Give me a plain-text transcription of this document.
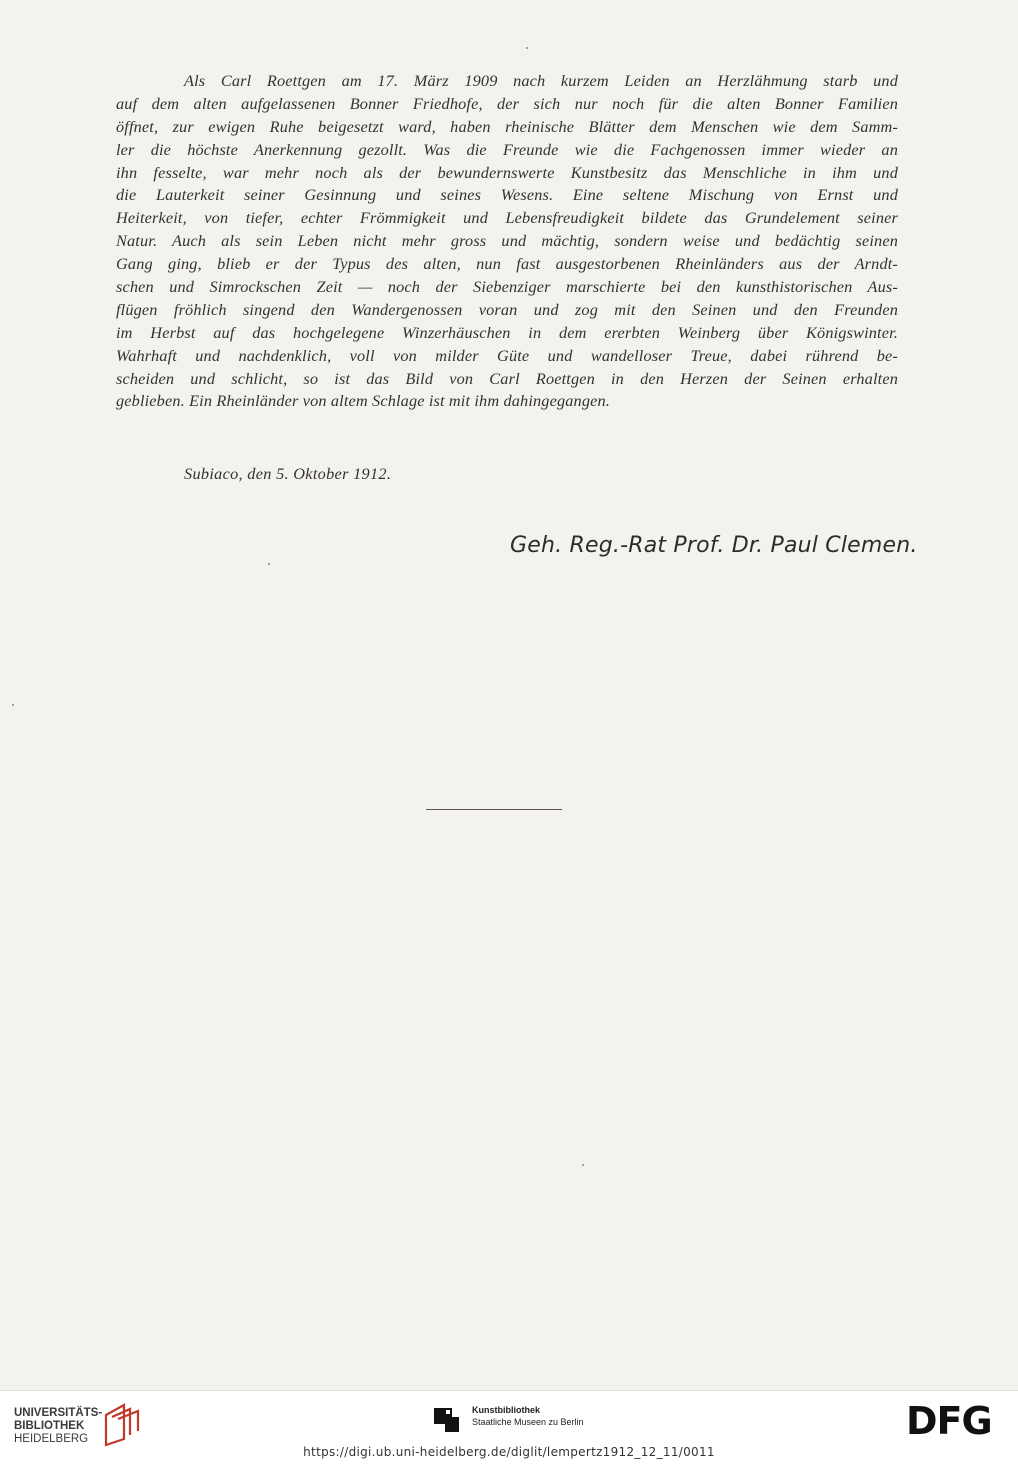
Als Carl Roettgen am 17. März 1909 nach kurzem Leiden an Herzlähmung starb und
auf dem alten aufgelassenen Bonner Friedhofe, der sich nur noch für die alten Bonner Familien
öffnet, zur ewigen Ruhe beigesetzt ward, haben rheinische Blätter dem Menschen wie dem Samm-
ler die höchste Anerkennung gezollt. Was die Freunde wie die Fachgenossen immer wieder an
ihn fesselte, war mehr noch als der bewundernswerte Kunstbesitz das Menschliche in ihm und
die Lauterkeit seiner Gesinnung und seines Wesens. Eine seltene Mischung von Ernst und
Heiterkeit, von tiefer, echter Frömmigkeit und Lebensfreudigkeit bildete das Grundelement seiner
Natur. Auch als sein Leben nicht mehr gross und mächtig, sondern weise und bedächtig seinen
Gang ging, blieb er der Typus des alten, nun fast ausgestorbenen Rheinländers aus der Arndt-
schen und Simrockschen Zeit — noch der Siebenziger marschierte bei den kunsthistorischen Aus-
flügen fröhlich singend den Wandergenossen voran und zog mit den Seinen und den Freunden
im Herbst auf das hochgelegene Winzerhäuschen in dem ererbten Weinberg über Königswinter.
Wahrhaft und nachdenklich, voll von milder Güte und wandelloser Treue, dabei rührend be-
scheiden und schlicht, so ist das Bild von Carl Roettgen in den Herzen der Seinen erhalten
geblieben. Ein Rheinländer von altem Schlage ist mit ihm dahingegangen.
Subiaco, den 5. Oktober 1912.
Geh. Reg.-Rat Prof. Dr. Paul Clemen.
UNIVERSITÄTS-
BIBLIOTHEK
HEIDELBERG
Kunstbibliothek
Staatliche Museen zu Berlin	DFG
https://digi.ub.uni-heidelberg.de/diglit/lempertz1912_12_11/0011
